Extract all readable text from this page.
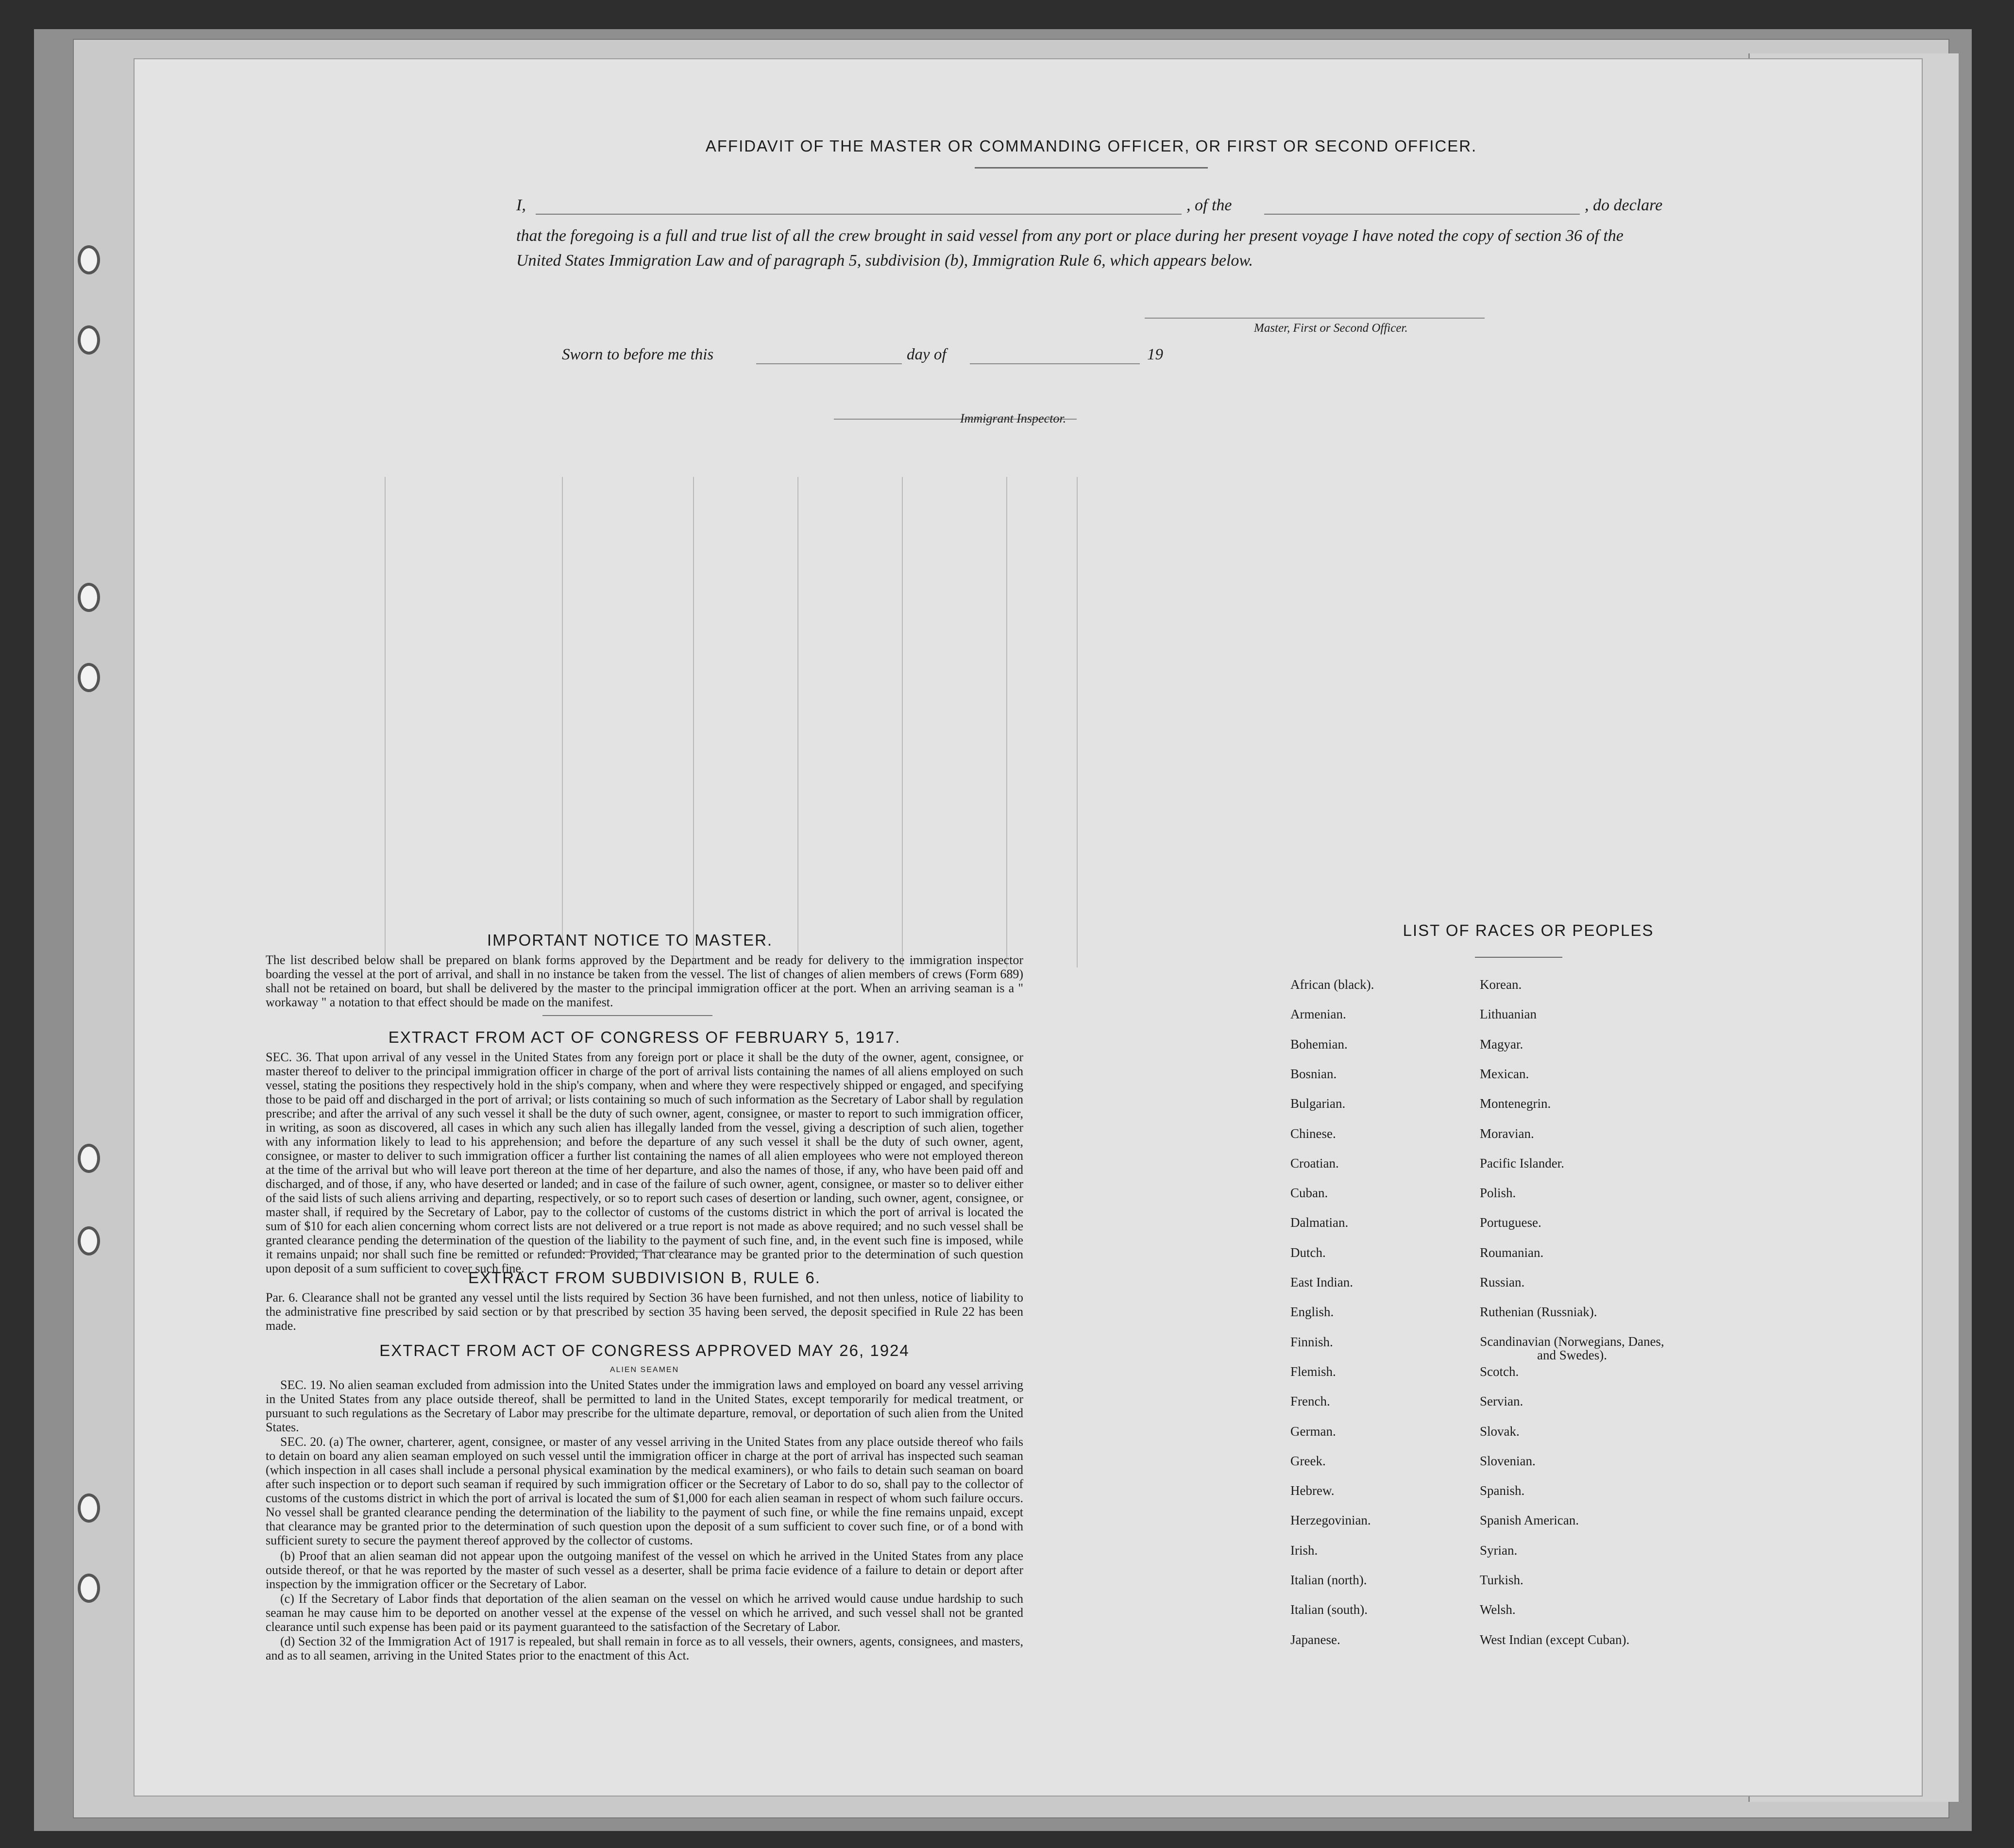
AFFIDAVIT OF THE MASTER OR COMMANDING OFFICER, OR FIRST OR SECOND OFFICER.
I,	, of the	, do declare
that the foregoing is a full and true list of all the crew brought in said vessel from any port or place during her present voyage I have noted the copy of section 36 of the United States Immigration Law and of paragraph 5, subdivision (b), Immigration Rule 6, which appears below.
Master, First or Second Officer.
Sworn to before me this	day of	19
Immigrant Inspector.
IMPORTANT NOTICE TO MASTER.
The list described below shall be prepared on blank forms approved by the Department and be ready for delivery to the immigration inspector boarding the vessel at the port of arrival, and shall in no instance be taken from the vessel. The list of changes of alien members of crews (Form 689) shall not be retained on board, but shall be delivered by the master to the principal immigration officer at the port. When an arriving seaman is a " workaway " a notation to that effect should be made on the manifest.
EXTRACT FROM ACT OF CONGRESS OF FEBRUARY 5, 1917.
SEC. 36. That upon arrival of any vessel in the United States from any foreign port or place it shall be the duty of the owner, agent, consignee, or master thereof to deliver to the principal immigration officer in charge of the port of arrival lists containing the names of all aliens employed on such vessel, stating the positions they respectively hold in the ship's company, when and where they were respectively shipped or engaged, and specifying those to be paid off and discharged in the port of arrival; or lists containing so much of such information as the Secretary of Labor shall by regulation prescribe; and after the arrival of any such vessel it shall be the duty of such owner, agent, consignee, or master to report to such immigration officer, in writing, as soon as discovered, all cases in which any such alien has illegally landed from the vessel, giving a description of such alien, together with any information likely to lead to his apprehension; and before the departure of any such vessel it shall be the duty of such owner, agent, consignee, or master to deliver to such immigration officer a further list containing the names of all alien employees who were not employed thereon at the time of the arrival but who will leave port thereon at the time of her departure, and also the names of those, if any, who have been paid off and discharged, and of those, if any, who have deserted or landed; and in case of the failure of such owner, agent, consignee, or master so to deliver either of the said lists of such aliens arriving and departing, respectively, or so to report such cases of desertion or landing, such owner, agent, consignee, or master shall, if required by the Secretary of Labor, pay to the collector of customs of the customs district in which the port of arrival is located the sum of $10 for each alien concerning whom correct lists are not delivered or a true report is not made as above required; and no such vessel shall be granted clearance pending the determination of the question of the liability to the payment of such fine, and, in the event such fine is imposed, while it remains unpaid; nor shall such fine be remitted or refunded: Provided, That clearance may be granted prior to the determination of such question upon deposit of a sum sufficient to cover such fine.
EXTRACT FROM SUBDIVISION B, RULE 6.
Par. 6. Clearance shall not be granted any vessel until the lists required by Section 36 have been furnished, and not then unless, notice of liability to the administrative fine prescribed by said section or by that prescribed by section 35 having been served, the deposit specified in Rule 22 has been made.
EXTRACT FROM ACT OF CONGRESS APPROVED MAY 26, 1924
ALIEN SEAMEN
SEC. 19. No alien seaman excluded from admission into the United States under the immigration laws and employed on board any vessel arriving in the United States from any place outside thereof, shall be permitted to land in the United States, except temporarily for medical treatment, or pursuant to such regulations as the Secretary of Labor may prescribe for the ultimate departure, removal, or deportation of such alien from the United States.
SEC. 20. (a) The owner, charterer, agent, consignee, or master of any vessel arriving in the United States from any place outside thereof who fails to detain on board any alien seaman employed on such vessel until the immigration officer in charge at the port of arrival has inspected such seaman (which inspection in all cases shall include a personal physical examination by the medical examiners), or who fails to detain such seaman on board after such inspection or to deport such seaman if required by such immigration officer or the Secretary of Labor to do so, shall pay to the collector of customs of the customs district in which the port of arrival is located the sum of $1,000 for each alien seaman in respect of whom such failure occurs. No vessel shall be granted clearance pending the determination of the liability to the payment of such fine, or while the fine remains unpaid, except that clearance may be granted prior to the determination of such question upon the deposit of a sum sufficient to cover such fine, or of a bond with sufficient surety to secure the payment thereof approved by the collector of customs.
(b) Proof that an alien seaman did not appear upon the outgoing manifest of the vessel on which he arrived in the United States from any place outside thereof, or that he was reported by the master of such vessel as a deserter, shall be prima facie evidence of a failure to detain or deport after inspection by the immigration officer or the Secretary of Labor.
(c) If the Secretary of Labor finds that deportation of the alien seaman on the vessel on which he arrived would cause undue hardship to such seaman he may cause him to be deported on another vessel at the expense of the vessel on which he arrived, and such vessel shall not be granted clearance until such expense has been paid or its payment guaranteed to the satisfaction of the Secretary of Labor.
(d) Section 32 of the Immigration Act of 1917 is repealed, but shall remain in force as to all vessels, their owners, agents, consignees, and masters, and as to all seamen, arriving in the United States prior to the enactment of this Act.
LIST OF RACES OR PEOPLES
African (black).
Armenian.
Bohemian.
Bosnian.
Bulgarian.
Chinese.
Croatian.
Cuban.
Dalmatian.
Dutch.
East Indian.
English.
Finnish.
Flemish.
French.
German.
Greek.
Hebrew.
Herzegovinian.
Irish.
Italian (north).
Italian (south).
Japanese.
Korean.
Lithuanian
Magyar.
Mexican.
Montenegrin.
Moravian.
Pacific Islander.
Polish.
Portuguese.
Roumanian.
Russian.
Ruthenian (Russniak).
Scandinavian (Norwegians, Danes, and Swedes).
Scotch.
Servian.
Slovak.
Slovenian.
Spanish.
Spanish American.
Syrian.
Turkish.
Welsh.
West Indian (except Cuban).
